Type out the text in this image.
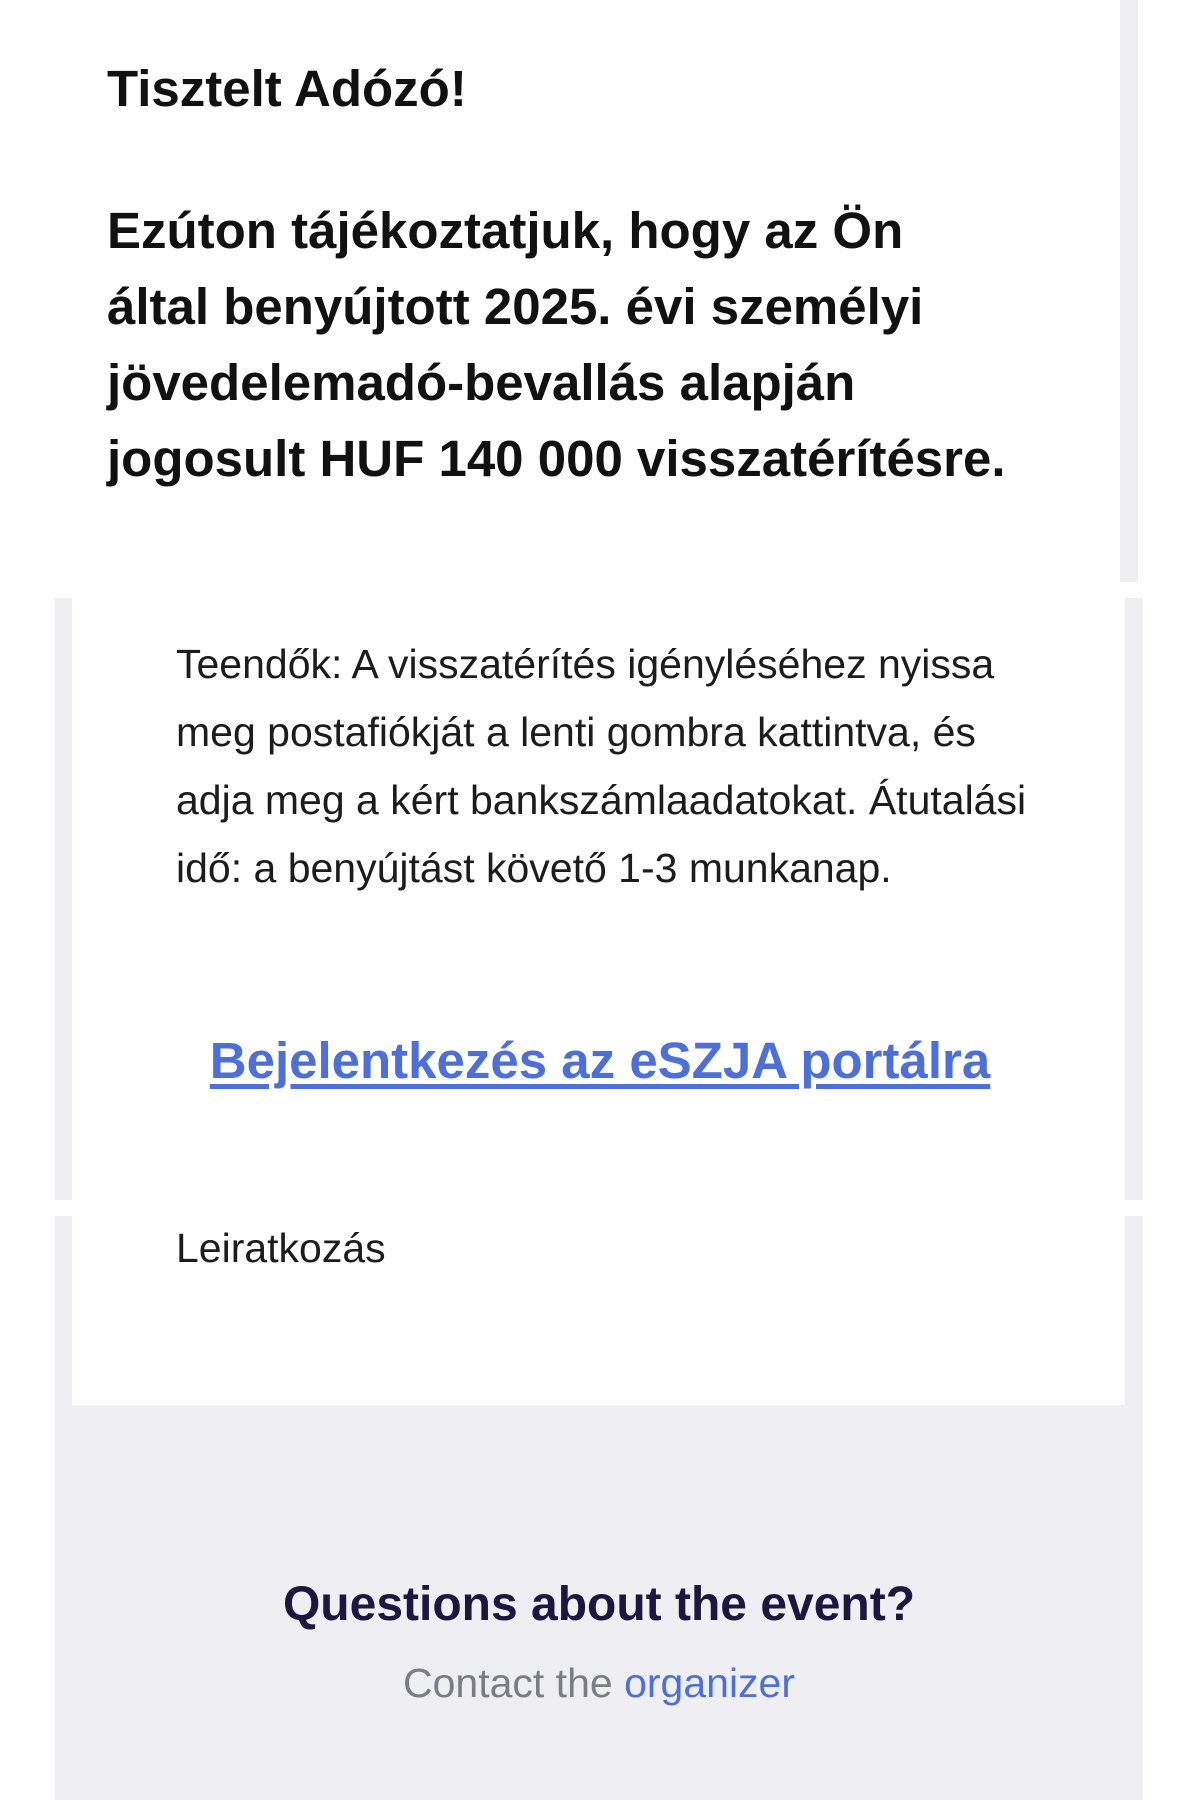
Tisztelt Adózó!
Ezúton tájékoztatjuk, hogy az Ön által benyújtott 2025. évi személyi jövedelemadó-bevallás alapján jogosult HUF 140 000 visszatérítésre.

Teendők: A visszatérítés igényléséhez nyissa meg postafiókját a lenti gombra kattintva, és adja meg a kért bankszámlaadatokat. Átutalási idő: a benyújtást követő 1-3 munkanap.

Bejelentkezés az eSZJA portálra
Leiratkozás
Questions about the event?
Contact the organizer
